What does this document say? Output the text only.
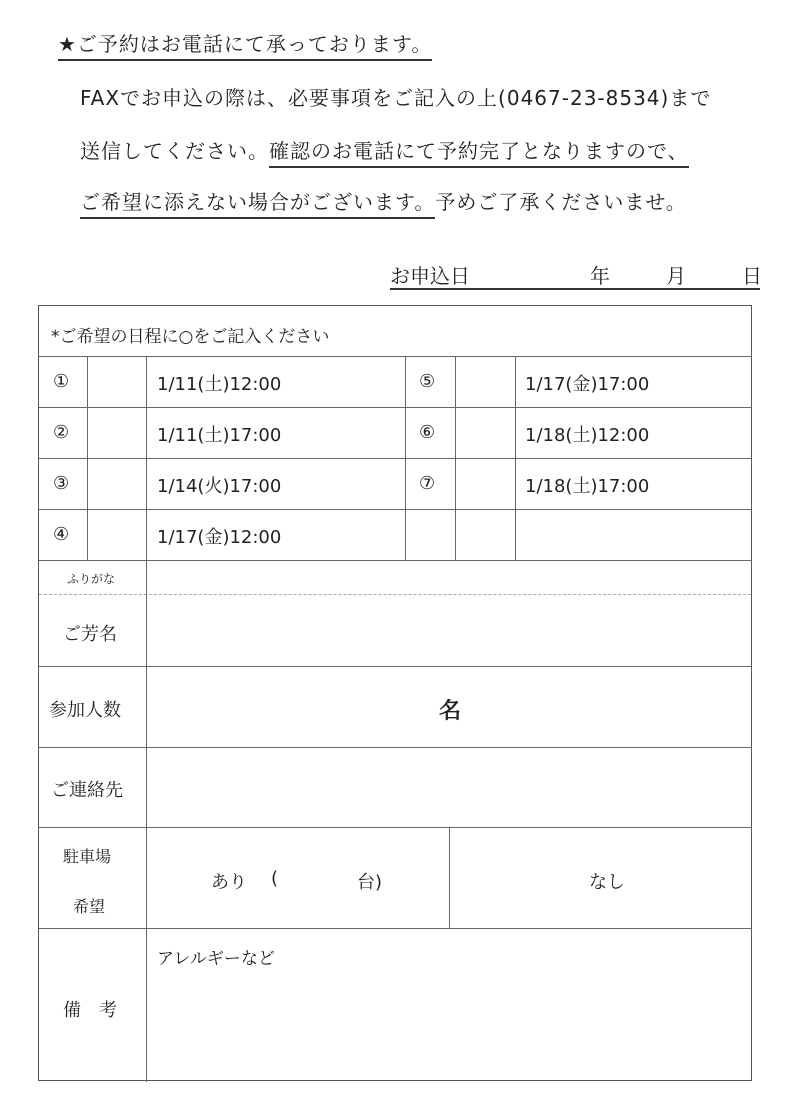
★ご予約はお電話にて承っております。
FAXでお申込の際は、必要事項をご記入の上(0467-23-8534)まで
送信してください。確認のお電話にて予約完了となりますので、
ご希望に添えない場合がございます。予めご了承くださいませ。
お申込日	年	月	日
*ご希望の日程に○をご記入ください
①	1/11(土)12:00
②	1/11(土)17:00
③	1/14(火)17:00
④	1/17(金)12:00
⑤	1/17(金)17:00
⑥	1/18(土)12:00
⑦	1/18(土)17:00
ふりがな
ご芳名
参加人数	名
ご連絡先
駐車場
希望
あり (	台)	なし
備　考
アレルギーなど
